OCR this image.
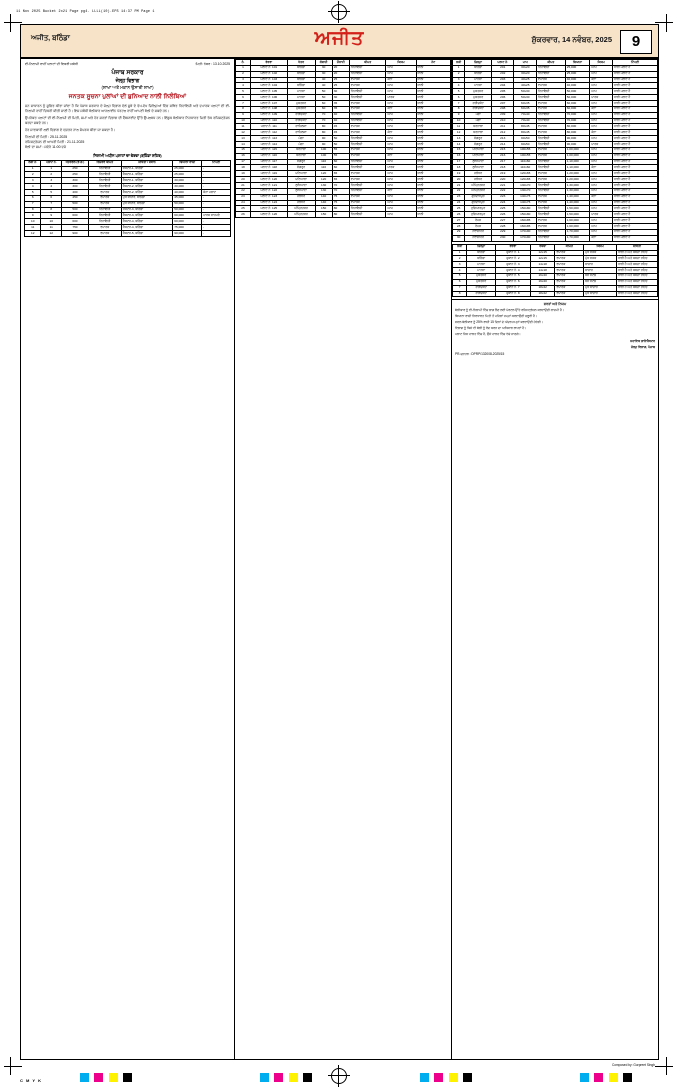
11 Nov 2025 Bucket 2x21 Page pg4. LLLL(10).EPS 14:37 PM Page 1
ਅਜੀਤ, ਬਠਿੰਡਾ	ਅਜੀਤ	ਸ਼ੁੱਕਰਵਾਰ, 14 ਨਵੰਬਰ, 2025	9
ਈ-ਨਿਲਾਮੀ ਰਾਹੀਂ ਪਲਾਟਾਂ ਦੀ ਵਿਕਰੀ ਸਬੰਧੀ	ਮਿਤੀ: ਨੰਬਰ : 13.10.2025
ਪੰਜਾਬ ਸਰਕਾਰ
ਜੇਲ੍ਹ ਵਿਭਾਗ
(ਸ਼ਾਖਾ ਅਤੇ ਮਕਾਨ ਉਸਾਰੀ ਸ਼ਾਖਾ)
ਜਨਤਕ ਸੂਚਨਾ ਪੁਲਾਂਘਾਂ ਦੀ ਬੁਨਿਆਦ ਨਾਲੀ ਨਿਲੰਬਿਆਂ

ਜਨ ਸਾਧਾਰਨ ਨੂੰ ਸੂਚਿਤ ਕੀਤਾ ਜਾਂਦਾ ਹੈ ਕਿ ਪੰਜਾਬ ਸਰਕਾਰ ਦੇ ਜੇਲ੍ਹ ਵਿਭਾਗ ਵੱਲੋਂ ਸੂਬੇ ਦੇ ਵੱਖ-ਵੱਖ ਜ਼ਿਲ੍ਹਿਆਂ ਵਿੱਚ ਸਥਿਤ ਰਿਹਾਇਸ਼ੀ ਅਤੇ ਵਪਾਰਕ ਪਲਾਟਾਂ ਦੀ ਈ-ਨਿਲਾਮੀ ਰਾਹੀਂ ਵਿਕਰੀ ਕੀਤੀ ਜਾਣੀ ਹੈ। ਇਸ ਸਬੰਧੀ ਬੋਲੀਕਾਰ ਆਨਲਾਈਨ ਪੋਰਟਲ ਰਾਹੀਂ ਆਪਣੀ ਬੋਲੀ ਦੇ ਸਕਦੇ ਹਨ।

ਉਪਰੋਕਤ ਪਲਾਟਾਂ ਦੀ ਈ-ਨਿਲਾਮੀ ਦੀ ਮਿਤੀ, ਸਮਾਂ ਅਤੇ ਹੋਰ ਸ਼ਰਤਾਂ ਵਿਭਾਗ ਦੀ ਵੈੱਬਸਾਈਟ ਉੱਤੇ ਉਪਲਬਧ ਹਨ। ਇੱਛੁਕ ਬੋਲੀਕਾਰ ਨਿਰਧਾਰਤ ਮਿਤੀ ਤੱਕ ਰਜਿਸਟ੍ਰੇਸ਼ਨ ਕਰਵਾ ਸਕਦੇ ਹਨ।

ਹੋਰ ਜਾਣਕਾਰੀ ਲਈ ਵਿਭਾਗ ਦੇ ਦਫ਼ਤਰ ਨਾਲ ਸੰਪਰਕ ਕੀਤਾ ਜਾ ਸਕਦਾ ਹੈ।

ਨਿਲਾਮੀ ਦੀ ਮਿਤੀ : 25.11.2025
ਰਜਿਸਟ੍ਰੇਸ਼ਨ ਦੀ ਆਖਰੀ ਮਿਤੀ : 21.11.2025
ਬੋਲੀ ਦਾ ਸਮਾਂ : ਸਵੇਰੇ 11:00 ਵਜੇ
ਨਿਲਾਮੀ ਅਧੀਨ ਪਲਾਟਾਂ ਦਾ ਵੇਰਵਾ (ਬਠਿੰਡਾ ਸ਼ਹਿਰ)
ਲੜੀ ਨੰ.	ਪਲਾਟ ਨੰ.	ਖੇਤਰਫਲ (ਵ.ਗ.)	ਰਿਜ਼ਰਵ ਕੀਮਤ	ਸਥਿਤੀ / ਸਥਾਨ	ਬਿਆਨਾ ਰਾਸ਼ੀ	ਟਿੱਪਣੀ
1	1	250	ਰਿਹਾਇਸ਼ੀ	ਸੈਕਟਰ-1, ਬਠਿੰਡਾ	25,000	-
2	2	250	ਰਿਹਾਇਸ਼ੀ	ਸੈਕਟਰ-1, ਬਠਿੰਡਾ	25,000	-
3	3	300	ਰਿਹਾਇਸ਼ੀ	ਸੈਕਟਰ-1, ਬਠਿੰਡਾ	30,000	-
4	4	300	ਰਿਹਾਇਸ਼ੀ	ਸੈਕਟਰ-2, ਬਠਿੰਡਾ	30,000	-
5	5	400	ਵਪਾਰਕ	ਸੈਕਟਰ-2, ਬਠਿੰਡਾ	40,000	ਕੋਨਾ ਪਲਾਟ
6	6	450	ਵਪਾਰਕ	ਮੁੱਖ ਬਾਜ਼ਾਰ, ਬਠਿੰਡਾ	45,000	-
7	7	500	ਵਪਾਰਕ	ਮੁੱਖ ਬਾਜ਼ਾਰ, ਬਠਿੰਡਾ	50,000	-
8	8	500	ਰਿਹਾਇਸ਼ੀ	ਸੈਕਟਰ-3, ਬਠਿੰਡਾ	50,000	-
9	9	600	ਰਿਹਾਇਸ਼ੀ	ਸੈਕਟਰ-3, ਬਠਿੰਡਾ	60,000	ਪਾਰਕ ਸਾਹਮਣੇ
10	10	600	ਰਿਹਾਇਸ਼ੀ	ਸੈਕਟਰ-4, ਬਠਿੰਡਾ	60,000	-
11	11	750	ਵਪਾਰਕ	ਸੈਕਟਰ-4, ਬਠਿੰਡਾ	75,000	-
12	12	900	ਵਪਾਰਕ	ਸੈਕਟਰ-5, ਬਠਿੰਡਾ	90,000	-
ਨੰ.	ਵੇਰਵਾ	ਖੇਤਰ	ਲੰਬਾਈ	ਚੌੜਾਈ	ਕੀਮਤ	ਕਿਸਮ	ਨੋਟ
1	ਪਲਾਟ ਨੰ. 101	ਬਠਿੰਡਾ	30	20	ਰਿਹਾਇਸ਼ੀ	ਆਮ	ਖਾਲੀ
2	ਪਲਾਟ ਨੰ. 102	ਬਠਿੰਡਾ	30	20	ਰਿਹਾਇਸ਼ੀ	ਆਮ	ਖਾਲੀ
3	ਪਲਾਟ ਨੰ. 103	ਬਠਿੰਡਾ	40	25	ਵਪਾਰਕ	ਕੋਨਾ	ਖਾਲੀ
4	ਪਲਾਟ ਨੰ. 104	ਬਠਿੰਡਾ	40	25	ਵਪਾਰਕ	ਆਮ	ਖਾਲੀ
5	ਪਲਾਟ ਨੰ. 105	ਮਾਨਸਾ	50	30	ਰਿਹਾਇਸ਼ੀ	ਆਮ	ਖਾਲੀ
6	ਪਲਾਟ ਨੰ. 106	ਮਾਨਸਾ	50	30	ਰਿਹਾਇਸ਼ੀ	ਪਾਰਕ	ਖਾਲੀ
7	ਪਲਾਟ ਨੰ. 107	ਮੁਕਤਸਰ	60	35	ਵਪਾਰਕ	ਆਮ	ਖਾਲੀ
8	ਪਲਾਟ ਨੰ. 108	ਮੁਕਤਸਰ	60	35	ਵਪਾਰਕ	ਕੋਨਾ	ਖਾਲੀ
9	ਪਲਾਟ ਨੰ. 109	ਫਰੀਦਕੋਟ	70	40	ਰਿਹਾਇਸ਼ੀ	ਆਮ	ਖਾਲੀ
10	ਪਲਾਟ ਨੰ. 110	ਫਰੀਦਕੋਟ	70	40	ਰਿਹਾਇਸ਼ੀ	ਆਮ	ਖਾਲੀ
11	ਪਲਾਟ ਨੰ. 111	ਫਾਜ਼ਿਲਕਾ	80	45	ਵਪਾਰਕ	ਆਮ	ਖਾਲੀ
12	ਪਲਾਟ ਨੰ. 112	ਫਾਜ਼ਿਲਕਾ	80	45	ਵਪਾਰਕ	ਕੋਨਾ	ਖਾਲੀ
13	ਪਲਾਟ ਨੰ. 113	ਮੋਗਾ	90	50	ਰਿਹਾਇਸ਼ੀ	ਆਮ	ਖਾਲੀ
14	ਪਲਾਟ ਨੰ. 114	ਮੋਗਾ	90	50	ਰਿਹਾਇਸ਼ੀ	ਆਮ	ਖਾਲੀ
15	ਪਲਾਟ ਨੰ. 115	ਬਰਨਾਲਾ	100	55	ਵਪਾਰਕ	ਆਮ	ਖਾਲੀ
16	ਪਲਾਟ ਨੰ. 116	ਬਰਨਾਲਾ	100	55	ਵਪਾਰਕ	ਕੋਨਾ	ਖਾਲੀ
17	ਪਲਾਟ ਨੰ. 117	ਸੰਗਰੂਰ	110	60	ਰਿਹਾਇਸ਼ੀ	ਆਮ	ਖਾਲੀ
18	ਪਲਾਟ ਨੰ. 118	ਸੰਗਰੂਰ	110	60	ਰਿਹਾਇਸ਼ੀ	ਪਾਰਕ	ਖਾਲੀ
19	ਪਲਾਟ ਨੰ. 119	ਪਟਿਆਲਾ	120	65	ਵਪਾਰਕ	ਆਮ	ਖਾਲੀ
20	ਪਲਾਟ ਨੰ. 120	ਪਟਿਆਲਾ	120	65	ਵਪਾਰਕ	ਆਮ	ਖਾਲੀ
21	ਪਲਾਟ ਨੰ. 121	ਲੁਧਿਆਣਾ	130	70	ਰਿਹਾਇਸ਼ੀ	ਆਮ	ਖਾਲੀ
22	ਪਲਾਟ ਨੰ. 122	ਲੁਧਿਆਣਾ	130	70	ਰਿਹਾਇਸ਼ੀ	ਕੋਨਾ	ਖਾਲੀ
23	ਪਲਾਟ ਨੰ. 123	ਜਲੰਧਰ	140	75	ਵਪਾਰਕ	ਆਮ	ਖਾਲੀ
24	ਪਲਾਟ ਨੰ. 124	ਜਲੰਧਰ	140	75	ਵਪਾਰਕ	ਆਮ	ਖਾਲੀ
25	ਪਲਾਟ ਨੰ. 125	ਅੰਮ੍ਰਿਤਸਰ	150	80	ਰਿਹਾਇਸ਼ੀ	ਆਮ	ਖਾਲੀ
26	ਪਲਾਟ ਨੰ. 126	ਅੰਮ੍ਰਿਤਸਰ	150	80	ਰਿਹਾਇਸ਼ੀ	ਆਮ	ਖਾਲੀ
ਲੜੀ	ਜ਼ਿਲ੍ਹਾ	ਪਲਾਟ ਨੰ.	ਮਾਪ	ਕੀਮਤ	ਬਿਆਨਾ	ਕਿਸਮ	ਟਿੱਪਣੀ
1	ਬਠਿੰਡਾ	201	30x20	ਰਿਹਾਇਸ਼ੀ	25,000	ਆਮ	ਖਾਲੀ ਪਲਾਟ ਹੈ
2	ਬਠਿੰਡਾ	202	30x20	ਰਿਹਾਇਸ਼ੀ	25,000	ਆਮ	ਖਾਲੀ ਪਲਾਟ ਹੈ
3	ਮਾਨਸਾ	203	40x25	ਵਪਾਰਕ	40,000	ਕੋਨਾ	ਖਾਲੀ ਪਲਾਟ ਹੈ
4	ਮਾਨਸਾ	204	40x25	ਵਪਾਰਕ	40,000	ਆਮ	ਖਾਲੀ ਪਲਾਟ ਹੈ
5	ਮੁਕਤਸਰ	205	50x30	ਰਿਹਾਇਸ਼ੀ	50,000	ਆਮ	ਖਾਲੀ ਪਲਾਟ ਹੈ
6	ਮੁਕਤਸਰ	206	50x30	ਰਿਹਾਇਸ਼ੀ	50,000	ਪਾਰਕ	ਖਾਲੀ ਪਲਾਟ ਹੈ
7	ਫਰੀਦਕੋਟ	207	60x35	ਵਪਾਰਕ	60,000	ਆਮ	ਖਾਲੀ ਪਲਾਟ ਹੈ
8	ਫਰੀਦਕੋਟ	208	60x35	ਵਪਾਰਕ	60,000	ਕੋਨਾ	ਖਾਲੀ ਪਲਾਟ ਹੈ
9	ਮੋਗਾ	209	70x40	ਰਿਹਾਇਸ਼ੀ	70,000	ਆਮ	ਖਾਲੀ ਪਲਾਟ ਹੈ
10	ਮੋਗਾ	210	70x40	ਰਿਹਾਇਸ਼ੀ	70,000	ਆਮ	ਖਾਲੀ ਪਲਾਟ ਹੈ
11	ਬਰਨਾਲਾ	211	80x45	ਵਪਾਰਕ	80,000	ਆਮ	ਖਾਲੀ ਪਲਾਟ ਹੈ
12	ਬਰਨਾਲਾ	212	80x45	ਵਪਾਰਕ	80,000	ਕੋਨਾ	ਖਾਲੀ ਪਲਾਟ ਹੈ
13	ਸੰਗਰੂਰ	213	90x50	ਰਿਹਾਇਸ਼ੀ	90,000	ਆਮ	ਖਾਲੀ ਪਲਾਟ ਹੈ
14	ਸੰਗਰੂਰ	214	90x50	ਰਿਹਾਇਸ਼ੀ	90,000	ਪਾਰਕ	ਖਾਲੀ ਪਲਾਟ ਹੈ
15	ਪਟਿਆਲਾ	215	100x55	ਵਪਾਰਕ	1,00,000	ਆਮ	ਖਾਲੀ ਪਲਾਟ ਹੈ
16	ਪਟਿਆਲਾ	216	100x55	ਵਪਾਰਕ	1,00,000	ਆਮ	ਖਾਲੀ ਪਲਾਟ ਹੈ
17	ਲੁਧਿਆਣਾ	217	110x60	ਰਿਹਾਇਸ਼ੀ	1,10,000	ਆਮ	ਖਾਲੀ ਪਲਾਟ ਹੈ
18	ਲੁਧਿਆਣਾ	218	110x60	ਰਿਹਾਇਸ਼ੀ	1,10,000	ਕੋਨਾ	ਖਾਲੀ ਪਲਾਟ ਹੈ
19	ਜਲੰਧਰ	219	120x65	ਵਪਾਰਕ	1,20,000	ਆਮ	ਖਾਲੀ ਪਲਾਟ ਹੈ
20	ਜਲੰਧਰ	220	120x65	ਵਪਾਰਕ	1,20,000	ਆਮ	ਖਾਲੀ ਪਲਾਟ ਹੈ
21	ਅੰਮ੍ਰਿਤਸਰ	221	130x70	ਰਿਹਾਇਸ਼ੀ	1,30,000	ਆਮ	ਖਾਲੀ ਪਲਾਟ ਹੈ
22	ਅੰਮ੍ਰਿਤਸਰ	222	130x70	ਰਿਹਾਇਸ਼ੀ	1,30,000	ਆਮ	ਖਾਲੀ ਪਲਾਟ ਹੈ
23	ਗੁਰਦਾਸਪੁਰ	223	140x75	ਵਪਾਰਕ	1,40,000	ਕੋਨਾ	ਖਾਲੀ ਪਲਾਟ ਹੈ
24	ਗੁਰਦਾਸਪੁਰ	224	140x75	ਵਪਾਰਕ	1,40,000	ਆਮ	ਖਾਲੀ ਪਲਾਟ ਹੈ
25	ਹੁਸ਼ਿਆਰਪੁਰ	225	150x80	ਰਿਹਾਇਸ਼ੀ	1,50,000	ਆਮ	ਖਾਲੀ ਪਲਾਟ ਹੈ
26	ਹੁਸ਼ਿਆਰਪੁਰ	226	150x80	ਰਿਹਾਇਸ਼ੀ	1,50,000	ਪਾਰਕ	ਖਾਲੀ ਪਲਾਟ ਹੈ
27	ਰੋਪੜ	227	160x85	ਵਪਾਰਕ	1,60,000	ਆਮ	ਖਾਲੀ ਪਲਾਟ ਹੈ
28	ਰੋਪੜ	228	160x85	ਵਪਾਰਕ	1,60,000	ਆਮ	ਖਾਲੀ ਪਲਾਟ ਹੈ
29	ਨਵਾਂਸ਼ਹਿਰ	229	170x90	ਰਿਹਾਇਸ਼ੀ	1,70,000	ਆਮ	ਖਾਲੀ ਪਲਾਟ ਹੈ
30	ਨਵਾਂਸ਼ਹਿਰ	230	170x90	ਰਿਹਾਇਸ਼ੀ	1,70,000	ਕੋਨਾ	ਖਾਲੀ ਪਲਾਟ ਹੈ
ਲੜੀ	ਜ਼ਿਲ੍ਹਾ	ਵੇਰਵਾ	ਰਕਬਾ	ਕੀਮਤ	ਕਿਸਮ	ਸਥਿਤੀ
1	ਬਠਿੰਡਾ	ਦੁਕਾਨ ਨੰ. 1	12x15	ਵਪਾਰਕ	ਮੁੱਖ ਸੜਕ	ਖਾਲੀ ਹੈ ਅਤੇ ਕਬਜ਼ਾ ਰਹਿਤ
2	ਬਠਿੰਡਾ	ਦੁਕਾਨ ਨੰ. 2	12x15	ਵਪਾਰਕ	ਮੁੱਖ ਸੜਕ	ਖਾਲੀ ਹੈ ਅਤੇ ਕਬਜ਼ਾ ਰਹਿਤ
3	ਮਾਨਸਾ	ਦੁਕਾਨ ਨੰ. 3	14x18	ਵਪਾਰਕ	ਬਾਜ਼ਾਰ	ਖਾਲੀ ਹੈ ਅਤੇ ਕਬਜ਼ਾ ਰਹਿਤ
4	ਮਾਨਸਾ	ਦੁਕਾਨ ਨੰ. 4	14x18	ਵਪਾਰਕ	ਬਾਜ਼ਾਰ	ਖਾਲੀ ਹੈ ਅਤੇ ਕਬਜ਼ਾ ਰਹਿਤ
5	ਮੁਕਤਸਰ	ਦੁਕਾਨ ਨੰ. 5	16x20	ਵਪਾਰਕ	ਬੱਸ ਸਟੈਂਡ	ਖਾਲੀ ਹੈ ਅਤੇ ਕਬਜ਼ਾ ਰਹਿਤ
6	ਮੁਕਤਸਰ	ਦੁਕਾਨ ਨੰ. 6	16x20	ਵਪਾਰਕ	ਬੱਸ ਸਟੈਂਡ	ਖਾਲੀ ਹੈ ਅਤੇ ਕਬਜ਼ਾ ਰਹਿਤ
7	ਫਰੀਦਕੋਟ	ਦੁਕਾਨ ਨੰ. 7	18x22	ਵਪਾਰਕ	ਮੁੱਖ ਬਾਜ਼ਾਰ	ਖਾਲੀ ਹੈ ਅਤੇ ਕਬਜ਼ਾ ਰਹਿਤ
8	ਫਰੀਦਕੋਟ	ਦੁਕਾਨ ਨੰ. 8	18x22	ਵਪਾਰਕ	ਮੁੱਖ ਬਾਜ਼ਾਰ	ਖਾਲੀ ਹੈ ਅਤੇ ਕਬਜ਼ਾ ਰਹਿਤ
ਸ਼ਰਤਾਂ ਅਤੇ ਨਿਯਮ

ਬੋਲੀਕਾਰ ਨੂੰ ਈ-ਨਿਲਾਮੀ ਵਿੱਚ ਭਾਗ ਲੈਣ ਲਈ ਪੋਰਟਲ ਉੱਤੇ ਰਜਿਸਟ੍ਰੇਸ਼ਨ ਕਰਵਾਉਣੀ ਲਾਜ਼ਮੀ ਹੈ।

ਬਿਆਨਾ ਰਾਸ਼ੀ ਨਿਰਧਾਰਤ ਮਿਤੀ ਤੋਂ ਪਹਿਲਾਂ ਜਮ੍ਹਾਂ ਕਰਵਾਉਣੀ ਜ਼ਰੂਰੀ ਹੈ।

ਸਫਲ ਬੋਲੀਕਾਰ ਨੂੰ 25% ਰਾਸ਼ੀ 15 ਦਿਨਾਂ ਦੇ ਅੰਦਰ ਜਮ੍ਹਾਂ ਕਰਵਾਉਣੀ ਹੋਵੇਗੀ।

ਵਿਭਾਗ ਨੂੰ ਕਿਸੇ ਵੀ ਬੋਲੀ ਨੂੰ ਰੱਦ ਕਰਨ ਦਾ ਅਧਿਕਾਰ ਰਾਖਵਾਂ ਹੈ।

ਪਲਾਟ ਜਿਸ ਹਾਲਤ ਵਿੱਚ ਹੈ, ਉਸੇ ਹਾਲਤ ਵਿੱਚ ਵੇਚੇ ਜਾਣਗੇ।

ਸਹਾਇਕ ਡਾਇਰੈਕਟਰ
ਜੇਲ੍ਹ ਵਿਭਾਗ, ਪੰਜਾਬ
PR-ਦਫ਼ਤਰ : DPRP/132008-2025/15
C M Y K

Composed by: Gurpreet Singh
